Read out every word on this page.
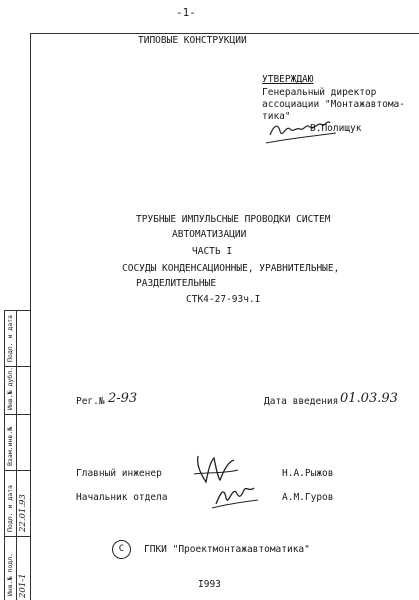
-1-
ТИПОВЫЕ КОНСТРУКЦИИ
УТВЕРЖДАЮ
Генеральный директор
ассоциации "Монтажавтома-
тика"
В.Полищук
ТРУБНЫЕ ИМПУЛЬСНЫЕ ПРОВОДКИ СИСТЕМ
АВТОМАТИЗАЦИИ
ЧАСТЬ I
СОСУДЫ КОНДЕНСАЦИОННЫЕ, УРАВНИТЕЛЬНЫЕ,
РАЗДЕЛИТЕЛЬНЫЕ
СТК4-27-93ч.I
Рег.№ 2-93	Дата введения 01.03.93
Главный инженер	Н.А.Рыжов
Начальник отдела	А.М.Гуров
С	ГПКИ "Проектмонтажавтоматика"
I993
Инв.№ подл.
Подп. и дата
Взам.инв.№
Инв.№ дубл.
Подп. и дата
201-1
22.01.93
